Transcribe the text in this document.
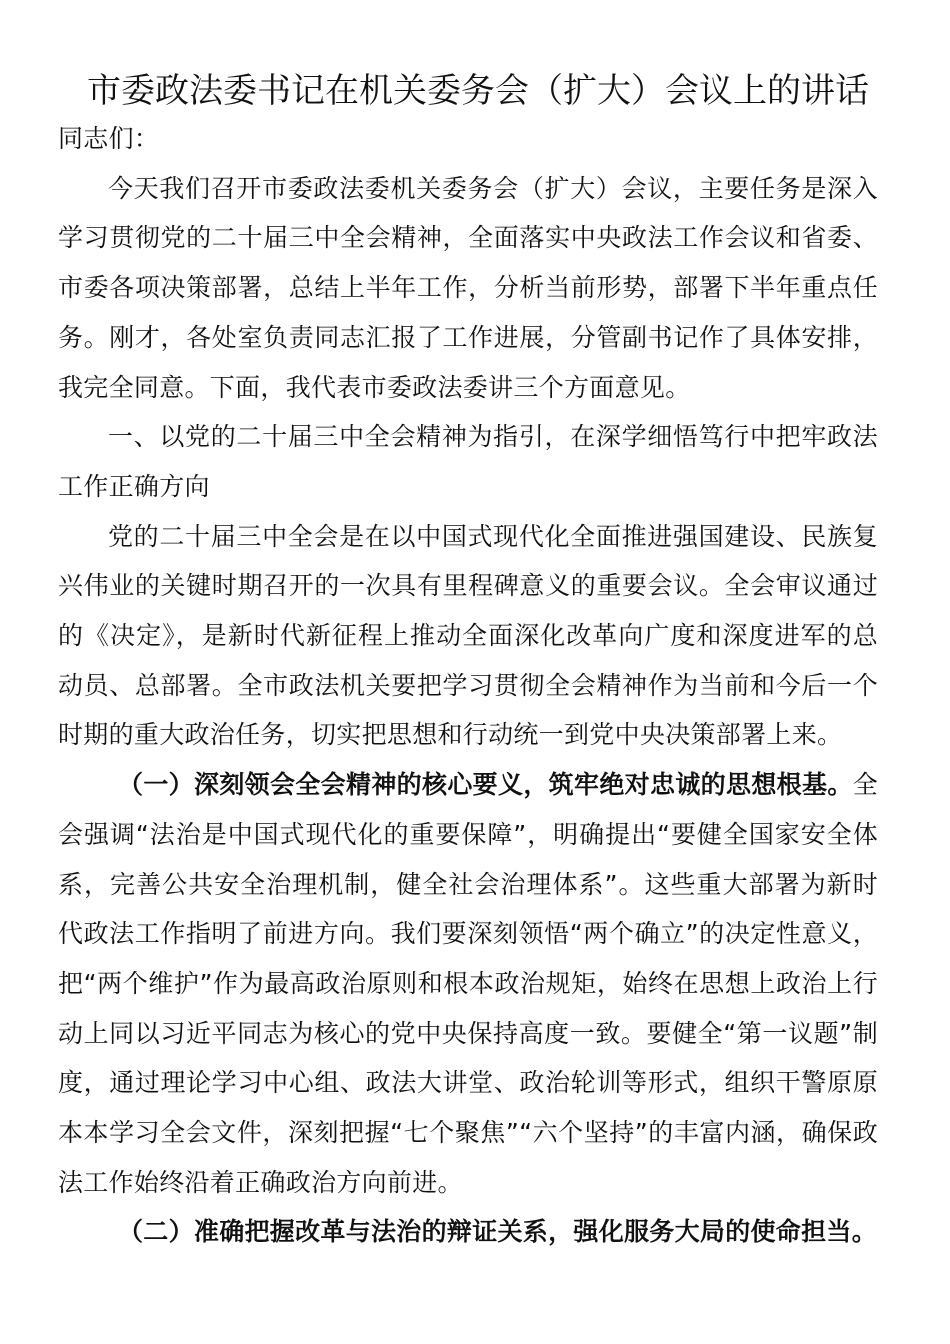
市委政法委书记在机关委务会（扩大）会议上的讲话

同志们：

今天我们召开市委政法委机关委务会（扩大）会议，主要任务是深入学习贯彻党的二十届三中全会精神，全面落实中央政法工作会议和省委、市委各项决策部署，总结上半年工作，分析当前形势，部署下半年重点任务。刚才，各处室负责同志汇报了工作进展，分管副书记作了具体安排，我完全同意。下面，我代表市委政法委讲三个方面意见。

一、以党的二十届三中全会精神为指引，在深学细悟笃行中把牢政法工作正确方向

党的二十届三中全会是在以中国式现代化全面推进强国建设、民族复兴伟业的关键时期召开的一次具有里程碑意义的重要会议。全会审议通过的《决定》，是新时代新征程上推动全面深化改革向广度和深度进军的总动员、总部署。全市政法机关要把学习贯彻全会精神作为当前和今后一个时期的重大政治任务，切实把思想和行动统一到党中央决策部署上来。

（一）深刻领会全会精神的核心要义，筑牢绝对忠诚的思想根基。全会强调“法治是中国式现代化的重要保障”，明确提出“要健全国家安全体系，完善公共安全治理机制，健全社会治理体系”。这些重大部署为新时代政法工作指明了前进方向。我们要深刻领悟“两个确立”的决定性意义，把“两个维护”作为最高政治原则和根本政治规矩，始终在思想上政治上行动上同以习近平同志为核心的党中央保持高度一致。要健全“第一议题”制度，通过理论学习中心组、政法大讲堂、政治轮训等形式，组织干警原原本本学习全会文件，深刻把握“七个聚焦”“六个坚持”的丰富内涵，确保政法工作始终沿着正确政治方向前进。

（二）准确把握改革与法治的辩证关系，强化服务大局的使命担当。
